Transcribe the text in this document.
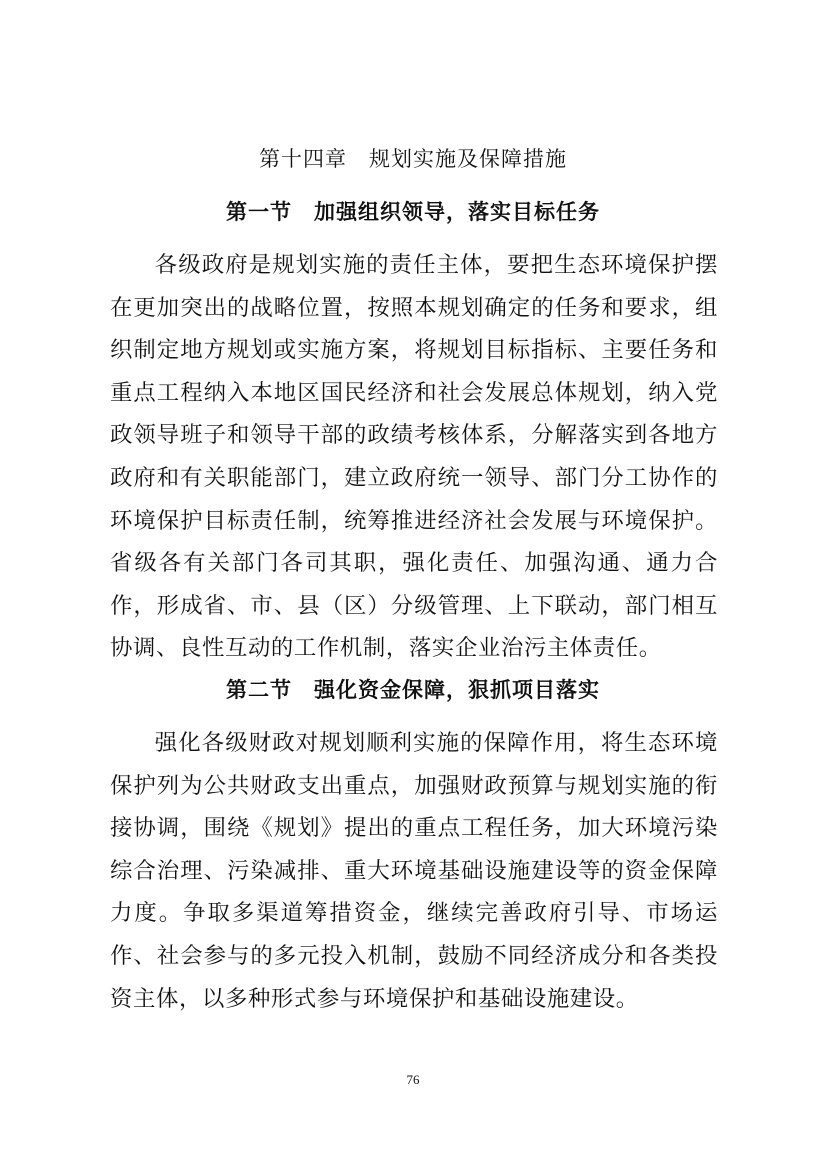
第十四章　规划实施及保障措施
第一节　加强组织领导，落实目标任务

各级政府是规划实施的责任主体，要把生态环境保护摆在更加突出的战略位置，按照本规划确定的任务和要求，组织制定地方规划或实施方案，将规划目标指标、主要任务和重点工程纳入本地区国民经济和社会发展总体规划，纳入党政领导班子和领导干部的政绩考核体系，分解落实到各地方政府和有关职能部门，建立政府统一领导、部门分工协作的环境保护目标责任制，统筹推进经济社会发展与环境保护。省级各有关部门各司其职，强化责任、加强沟通、通力合作，形成省、市、县（区）分级管理、上下联动，部门相互协调、良性互动的工作机制，落实企业治污主体责任。

第二节　强化资金保障，狠抓项目落实

强化各级财政对规划顺利实施的保障作用，将生态环境保护列为公共财政支出重点，加强财政预算与规划实施的衔接协调，围绕《规划》提出的重点工程任务，加大环境污染综合治理、污染减排、重大环境基础设施建设等的资金保障力度。争取多渠道筹措资金，继续完善政府引导、市场运作、社会参与的多元投入机制，鼓励不同经济成分和各类投资主体，以多种形式参与环境保护和基础设施建设。

76
